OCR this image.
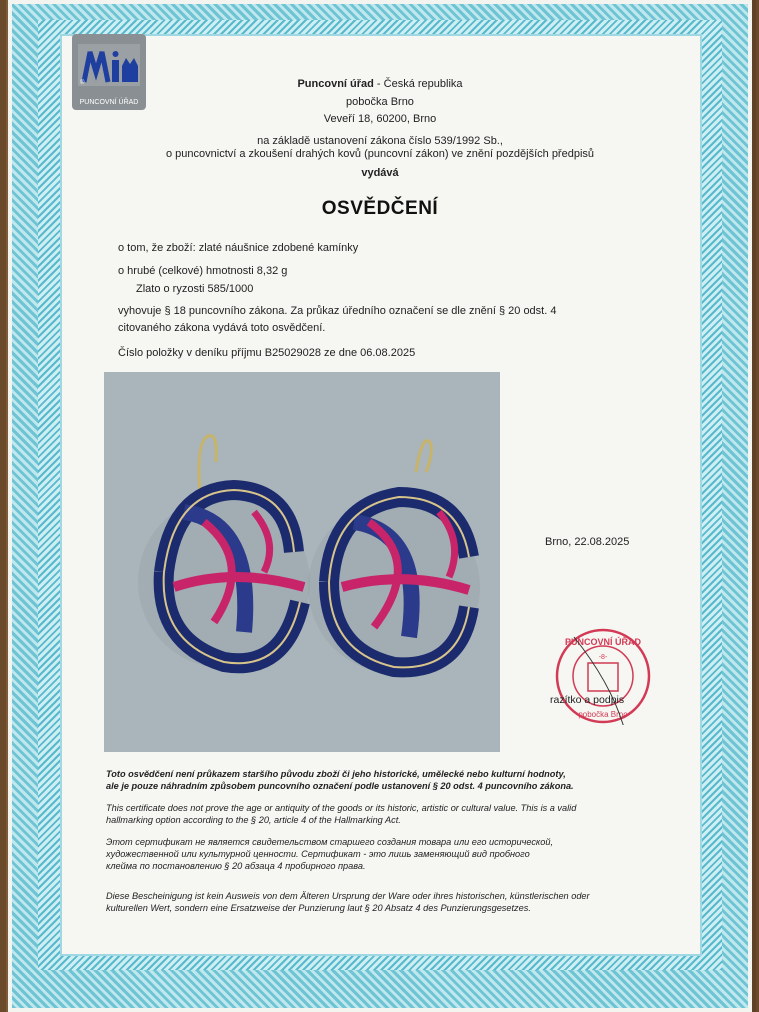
®
PUNCOVNÍ ÚŘAD
Puncovní úřad - Česká republika
pobočka Brno
Veveří 18, 60200, Brno
na základě ustanovení zákona číslo 539/1992 Sb.,
o puncovnictví a zkoušení drahých kovů (puncovní zákon) ve znění pozdějších předpisů
vydává
OSVĚDČENÍ
o tom, že zboží: zlaté náušnice zdobené kamínky
o hrubé (celkové) hmotnosti 8,32 g
Zlato o ryzosti 585/1000
vyhovuje § 18 puncovního zákona. Za průkaz úředního označení se dle znění § 20 odst. 4
citovaného zákona vydává toto osvědčení.
Číslo položky v deníku příjmu B25029028 ze dne 06.08.2025
Brno, 22.08.2025
PUNCOVNÍ ÚŘAD
-8-
pobočka Brno
razítko a podpis
Toto osvědčení není průkazem staršího původu zboží či jeho historické, umělecké nebo kulturní hodnoty,
ale je pouze náhradním způsobem puncovního označení podle ustanovení § 20 odst. 4 puncovního zákona.
This certificate does not prove the age or antiquity of the goods or its historic, artistic or cultural value. This is a valid
hallmarking option according to the § 20, article 4 of the Hallmarking Act.
Этот сертификат не является свидетельством старшего создания товара или его исторической,
художественной или культурной ценности. Сертификат - это лишь заменяющий вид пробного
клейма по постановлению § 20 абзаца 4 пробирного права.
Diese Bescheinigung ist kein Ausweis von dem Älteren Ursprung der Ware oder ihres historischen, künstlerischen oder
kulturellen Wert, sondern eine Ersatzweise der Punzierung laut § 20 Absatz 4 des Punzierungsgesetzes.
